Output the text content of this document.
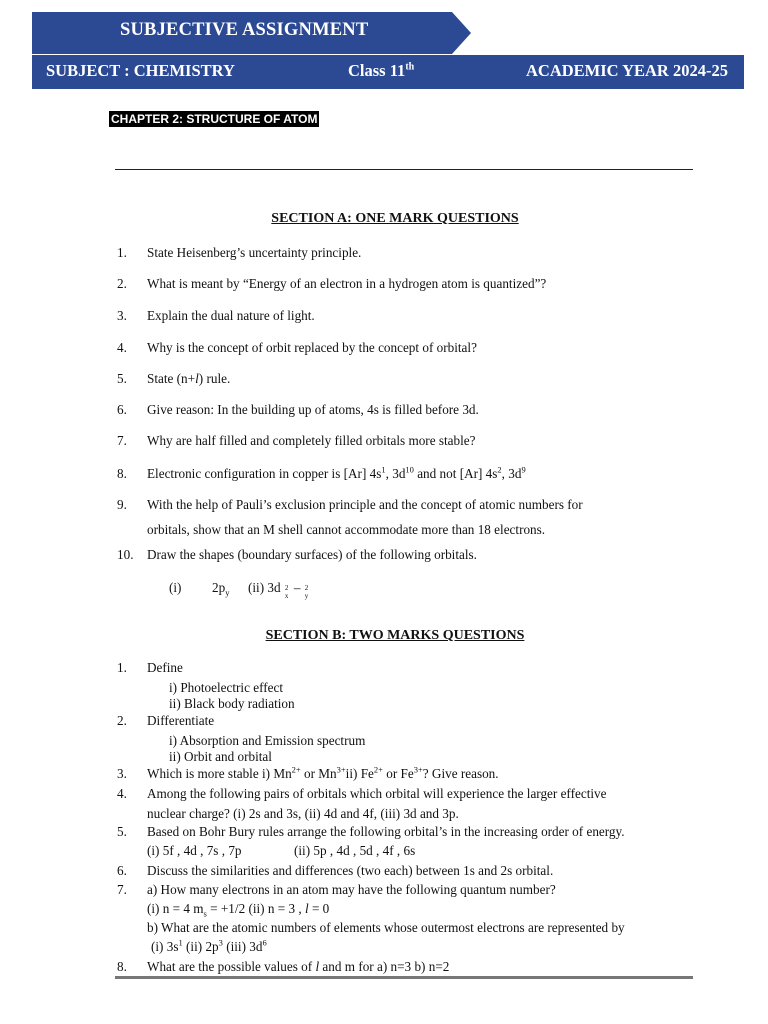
SUBJECTIVE ASSIGNMENT
SUBJECT : CHEMISTRY	Class 11th	ACADEMIC YEAR 2024-25
CHAPTER 2: STRUCTURE OF ATOM
SECTION A: ONE MARK QUESTIONS
1. State Heisenberg’s uncertainty principle.
2. What is meant by “Energy of an electron in a hydrogen atom is quantized”?
3. Explain the dual nature of light.
4. Why is the concept of orbit replaced by the concept of orbital?
5. State (n+l) rule.
6. Give reason: In the building up of atoms, 4s is filled before 3d.
7. Why are half filled and completely filled orbitals more stable?
8. Electronic configuration in copper is [Ar] $4s^1$, $3d^{10}$ and not [Ar] $4s^2$, $3d^9$
9. With the help of Pauli’s exclusion principle and the concept of atomic numbers for
orbitals, show that an M shell cannot accommodate more than 18 electrons.
10. Draw the shapes (boundary surfaces) of the following orbitals.
(i) $2p_y$ (ii) 3d 2
x
– 2
y
SECTION B: TWO MARKS QUESTIONS
1. Define
i) Photoelectric effect
ii) Black body radiation
2. Differentiate
i) Absorption and Emission spectrum
ii) Orbit and orbital
3. Which is more stable i) $Mn^{2+}$ or $Mn^{3+}ii$) $Fe^{2+}$ or $Fe^{3+}$? Give reason.
4. Among the following pairs of orbitals which orbital will experience the larger effective
nuclear charge? (i) 2s and 3s, (ii) 4d and 4f, (iii) 3d and 3p.
5. Based on Bohr Bury rules arrange the following orbital’s in the increasing order of energy.
(i) 5f , 4d , 7s , 7p	(ii) 5p , 4d , 5d , 4f , 6s
6. Discuss the similarities and differences (two each) between 1s and 2s orbital.
7. a) How many electrons in an atom may have the following quantum number?
(i) n = 4 $m_s = +1/2$ (ii) n = 3 , l = 0
b) What are the atomic numbers of elements whose outermost electrons are represented by
(i) $3s^1$ (ii) $2p^3$ (iii) $3d^6$
8. What are the possible values of l and m for a) n=3 b) n=2
